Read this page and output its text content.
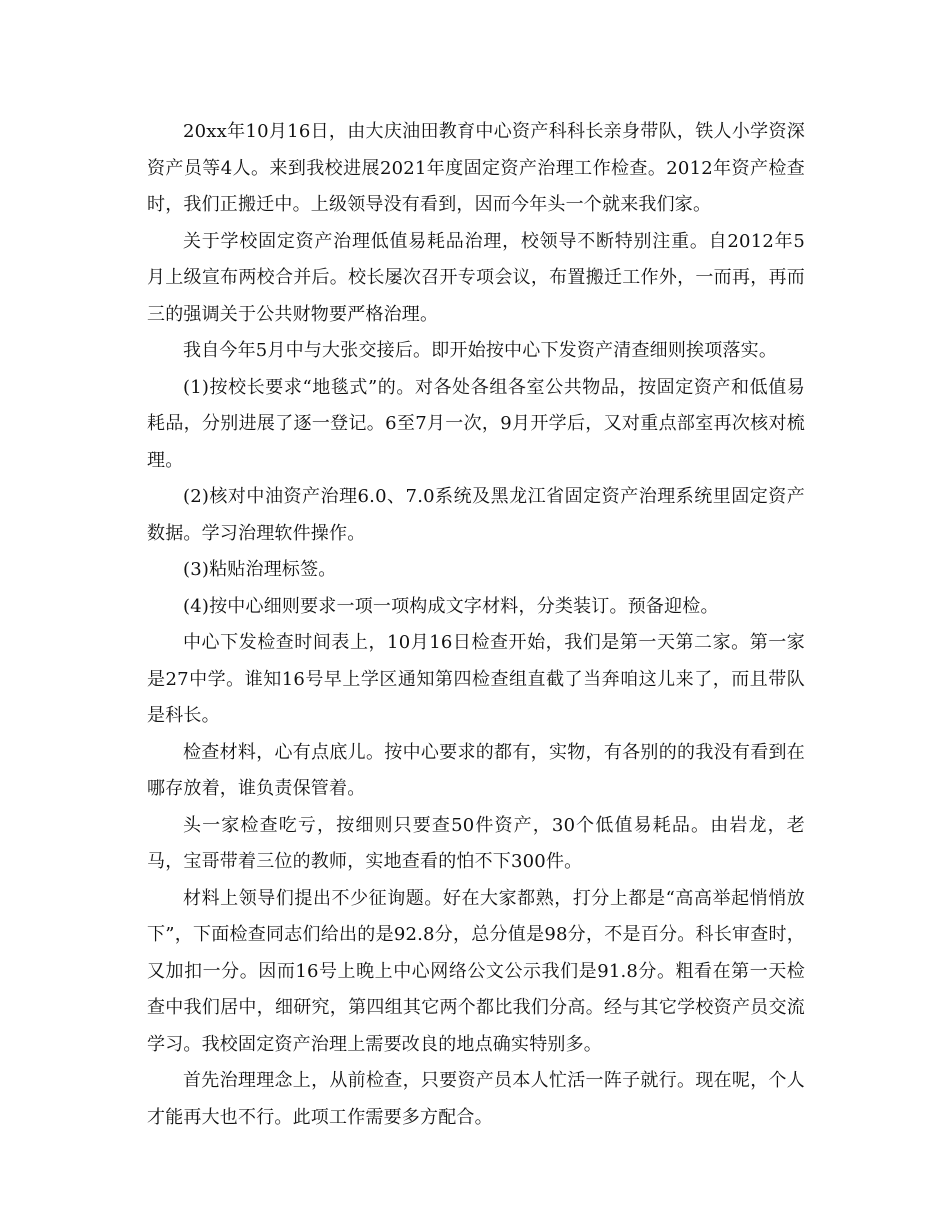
20xx年10月16日，由大庆油田教育中心资产科科长亲身带队，铁人小学资深资产员等4人。来到我校进展2021年度固定资产治理工作检查。2012年资产检查时，我们正搬迁中。上级领导没有看到，因而今年头一个就来我们家。

关于学校固定资产治理低值易耗品治理，校领导不断特别注重。自2012年5月上级宣布两校合并后。校长屡次召开专项会议，布置搬迁工作外，一而再，再而三的强调关于公共财物要严格治理。

我自今年5月中与大张交接后。即开始按中心下发资产清查细则挨项落实。

(1)按校长要求“地毯式”的。对各处各组各室公共物品，按固定资产和低值易耗品，分别进展了逐一登记。6至7月一次，9月开学后，又对重点部室再次核对梳理。

(2)核对中油资产治理6.0、7.0系统及黑龙江省固定资产治理系统里固定资产数据。学习治理软件操作。

(3)粘贴治理标签。

(4)按中心细则要求一项一项构成文字材料，分类装订。预备迎检。

中心下发检查时间表上，10月16日检查开始，我们是第一天第二家。第一家是27中学。谁知16号早上学区通知第四检查组直截了当奔咱这儿来了，而且带队是科长。

检查材料，心有点底儿。按中心要求的都有，实物，有各别的的我没有看到在哪存放着，谁负责保管着。

头一家检查吃亏，按细则只要查50件资产，30个低值易耗品。由岩龙，老马，宝哥带着三位的教师，实地查看的怕不下300件。

材料上领导们提出不少征询题。好在大家都熟，打分上都是“高高举起悄悄放下”，下面检查同志们给出的是92.8分，总分值是98分，不是百分。科长审查时，又加扣一分。因而16号上晚上中心网络公文公示我们是91.8分。粗看在第一天检查中我们居中，细研究，第四组其它两个都比我们分高。经与其它学校资产员交流学习。我校固定资产治理上需要改良的地点确实特别多。

首先治理理念上，从前检查，只要资产员本人忙活一阵子就行。现在呢，个人才能再大也不行。此项工作需要多方配合。
